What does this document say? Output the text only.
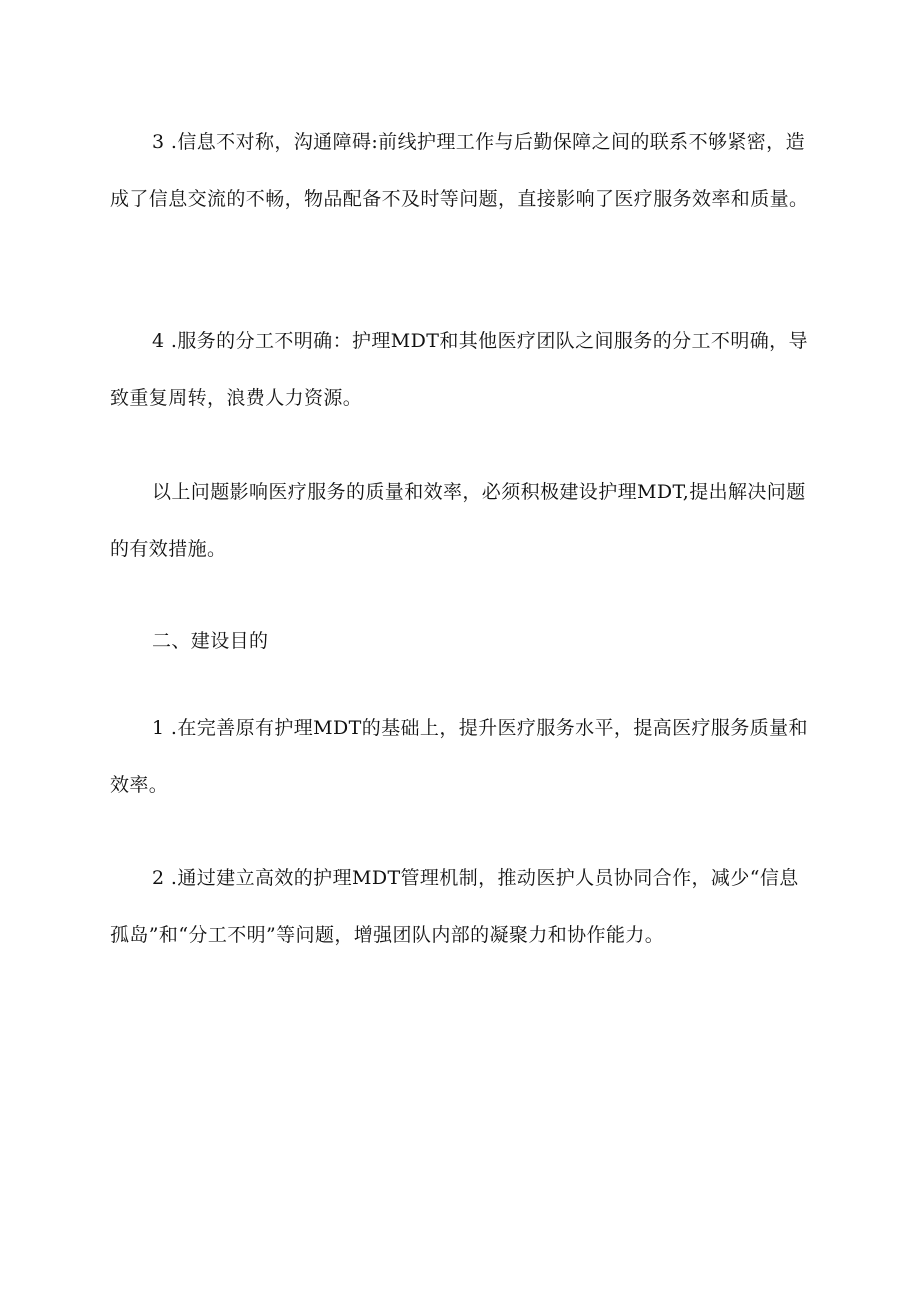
3 .信息不对称，沟通障碍:前线护理工作与后勤保障之间的联系不够紧密，造成了信息交流的不畅，物品配备不及时等问题，直接影响了医疗服务效率和质量。

4 .服务的分工不明确：护理MDT和其他医疗团队之间服务的分工不明确，导致重复周转，浪费人力资源。

以上问题影响医疗服务的质量和效率，必须积极建设护理MDT,提出解决问题的有效措施。

二、建设目的

1 .在完善原有护理MDT的基础上，提升医疗服务水平，提高医疗服务质量和效率。

2 .通过建立高效的护理MDT管理机制，推动医护人员协同合作，减少“信息孤岛”和“分工不明”等问题，增强团队内部的凝聚力和协作能力。
